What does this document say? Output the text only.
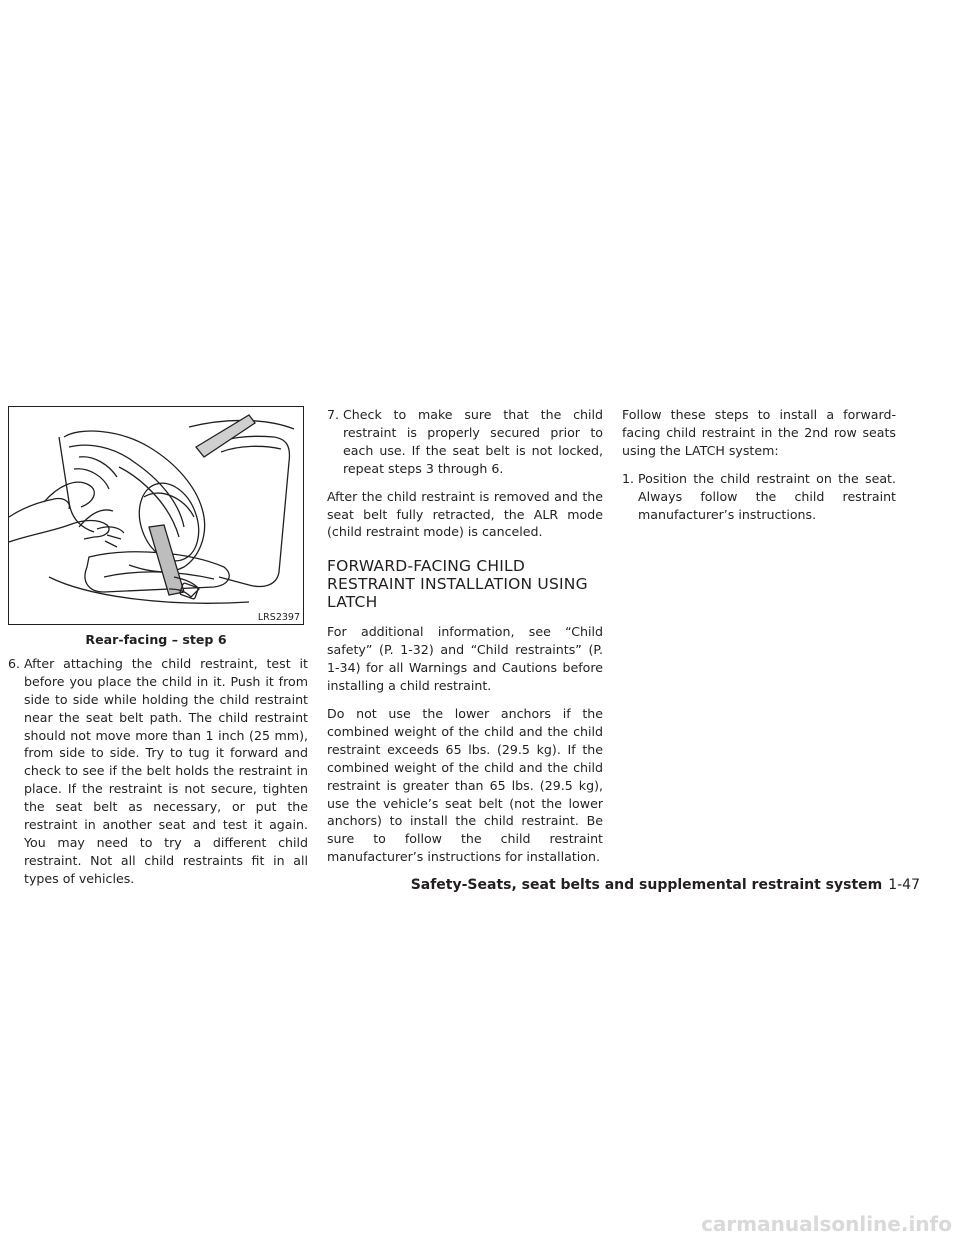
LRS2397
Rear-facing – step 6
6. After attaching the child restraint, test it before you place the child in it. Push it from side to side while holding the child restraint near the seat belt path. The child restraint should not move more than 1 inch (25 mm), from side to side. Try to tug it forward and check to see if the belt holds the restraint in place. If the restraint is not secure, tighten the seat belt as necessary, or put the restraint in another seat and test it again. You may need to try a different child restraint. Not all child restraints fit in all types of vehicles.
7. Check to make sure that the child restraint is properly secured prior to each use. If the seat belt is not locked, repeat steps 3 through 6.

After the child restraint is removed and the seat belt fully retracted, the ALR mode (child restraint mode) is canceled.

FORWARD-FACING CHILD RESTRAINT INSTALLATION USING LATCH

For additional information, see “Child safety” (P. 1-32) and “Child restraints” (P. 1-34) for all Warnings and Cautions before installing a child restraint.

Do not use the lower anchors if the combined weight of the child and the child restraint exceeds 65 lbs. (29.5 kg). If the combined weight of the child and the child restraint is greater than 65 lbs. (29.5 kg), use the vehicle’s seat belt (not the lower anchors) to install the child restraint. Be sure to follow the child restraint manufacturer’s instructions for installation.

Follow these steps to install a forward-facing child restraint in the 2nd row seats using the LATCH system:

1. Position the child restraint on the seat. Always follow the child restraint manufacturer’s instructions.
Safety-Seats, seat belts and supplemental restraint system 1-47
carmanualsonline.info
